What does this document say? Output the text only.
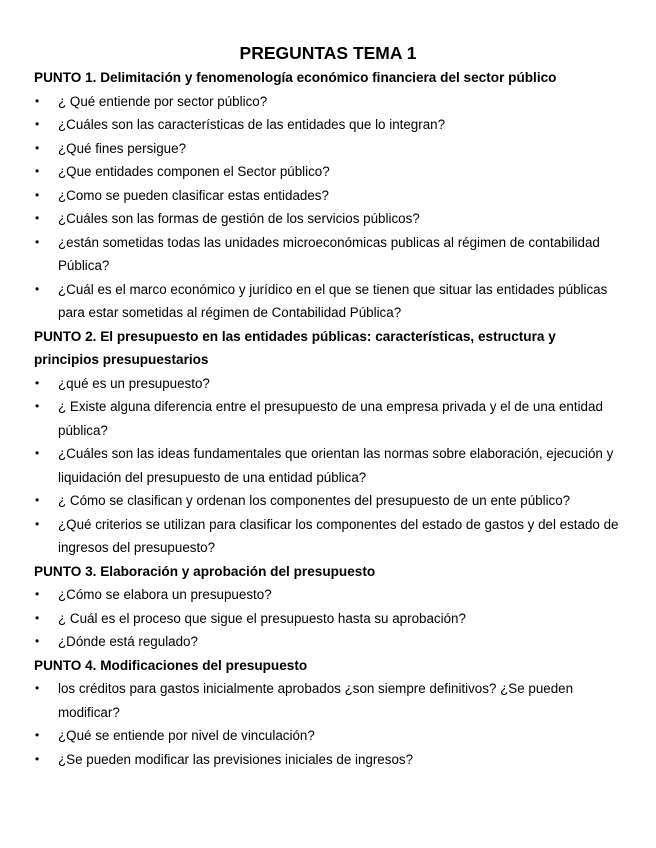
PREGUNTAS TEMA 1

PUNTO 1. Delimitación y fenomenología económico financiera del sector público

• ¿ Qué entiende por sector público?
• ¿Cuáles son las características de las entidades que lo integran?
• ¿Qué fines persigue?
• ¿Que entidades componen el Sector público?
• ¿Como se pueden clasificar estas entidades?
• ¿Cuáles son las formas de gestión de los servicios públicos?
• ¿están sometidas todas las unidades microeconómicas publicas al régimen de contabilidad Pública?
• ¿Cuál es el marco económico y jurídico en el que se tienen que situar las entidades públicas para estar sometidas al régimen de Contabilidad Pública?

PUNTO 2. El presupuesto en las entidades públicas: características, estructura y principios presupuestarios

• ¿qué es un presupuesto?
• ¿ Existe alguna diferencia entre el presupuesto de una empresa privada y el de una entidad pública?
• ¿Cuáles son las ideas fundamentales que orientan las normas sobre elaboración, ejecución y liquidación del presupuesto de una entidad pública?
• ¿ Cómo se clasifican y ordenan los componentes del presupuesto de un ente público?
• ¿Qué criterios se utilizan para clasificar los componentes del estado de gastos y del estado de ingresos del presupuesto?

PUNTO 3. Elaboración y aprobación del presupuesto

• ¿Cómo se elabora un presupuesto?
• ¿ Cuál es el proceso que sigue el presupuesto hasta su aprobación?
• ¿Dónde está regulado?

PUNTO 4. Modificaciones del presupuesto

• los créditos para gastos inicialmente aprobados ¿son siempre definitivos? ¿Se pueden modificar?
• ¿Qué se entiende por nivel de vinculación?
• ¿Se pueden modificar las previsiones iniciales de ingresos?
